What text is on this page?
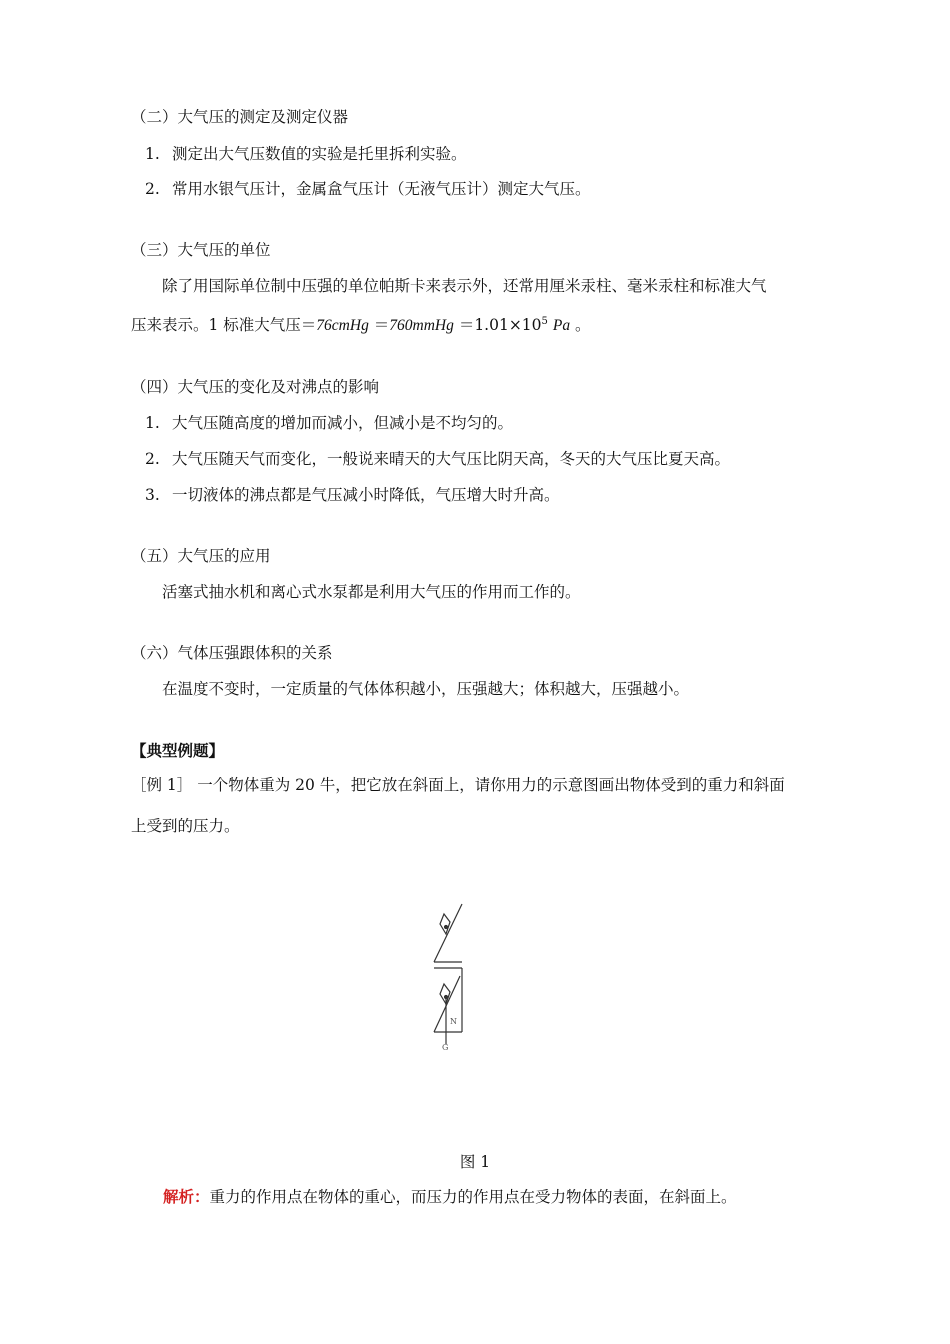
（二）大气压的测定及测定仪器
1. 测定出大气压数值的实验是托里拆利实验。
2. 常用水银气压计，金属盒气压计（无液气压计）测定大气压。
（三）大气压的单位
除了用国际单位制中压强的单位帕斯卡来表示外，还常用厘米汞柱、毫米汞柱和标准大气
压来表示。1 标准大气压＝76cmHg ＝760mmHg $=1.01\times 10^5$ Pa 。
（四）大气压的变化及对沸点的影响
1. 大气压随高度的增加而减小，但减小是不均匀的。
2. 大气压随天气而变化，一般说来晴天的大气压比阴天高，冬天的大气压比夏天高。
3. 一切液体的沸点都是气压减小时降低，气压增大时升高。
（五）大气压的应用
活塞式抽水机和离心式水泵都是利用大气压的作用而工作的。
（六）气体压强跟体积的关系
在温度不变时，一定质量的气体体积越小，压强越大；体积越大，压强越小。
【典型例题】
［例 1］ 一个物体重为 20 牛，把它放在斜面上，请你用力的示意图画出物体受到的重力和斜面
上受到的压力。
N
G
图 1
解析：重力的作用点在物体的重心，而压力的作用点在受力物体的表面，在斜面上。
